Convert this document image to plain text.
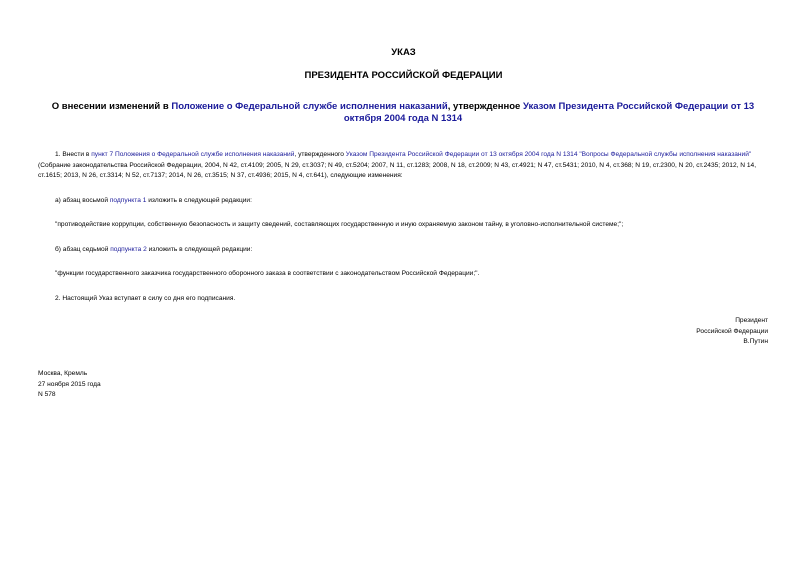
УКАЗ
ПРЕЗИДЕНТА РОССИЙСКОЙ ФЕДЕРАЦИИ

О внесении изменений в Положение о Федеральной службе исполнения наказаний, утвержденное Указом Президента Российской Федерации от 13 октября 2004 года N 1314

1. Внести в пункт 7 Положения о Федеральной службе исполнения наказаний, утвержденного Указом Президента Российской Федерации от 13 октября 2004 года N 1314 "Вопросы Федеральной службы исполнения наказаний" (Собрание законодательства Российской Федерации, 2004, N 42, ст.4109; 2005, N 29, ст.3037; N 49, ст.5204; 2007, N 11, ст.1283; 2008, N 18, ст.2009; N 43, ст.4921; N 47, ст.5431; 2010, N 4, ст.368; N 19, ст.2300, N 20, ст.2435; 2012, N 14, ст.1615; 2013, N 26, ст.3314; N 52, ст.7137; 2014, N 26, ст.3515; N 37, ст.4936; 2015, N 4, ст.641), следующие изменения:

а) абзац восьмой подпункта 1 изложить в следующей редакции:

"противодействие коррупции, собственную безопасность и защиту сведений, составляющих государственную и иную охраняемую законом тайну, в уголовно-исполнительной системе;";

б) абзац седьмой подпункта 2 изложить в следующей редакции:

"функции государственного заказчика государственного оборонного заказа в соответствии с законодательством Российской Федерации;".

2. Настоящий Указ вступает в силу со дня его подписания.

Президент
Российской Федерации
В.Путин
Москва, Кремль
27 ноября 2015 года
N 578
